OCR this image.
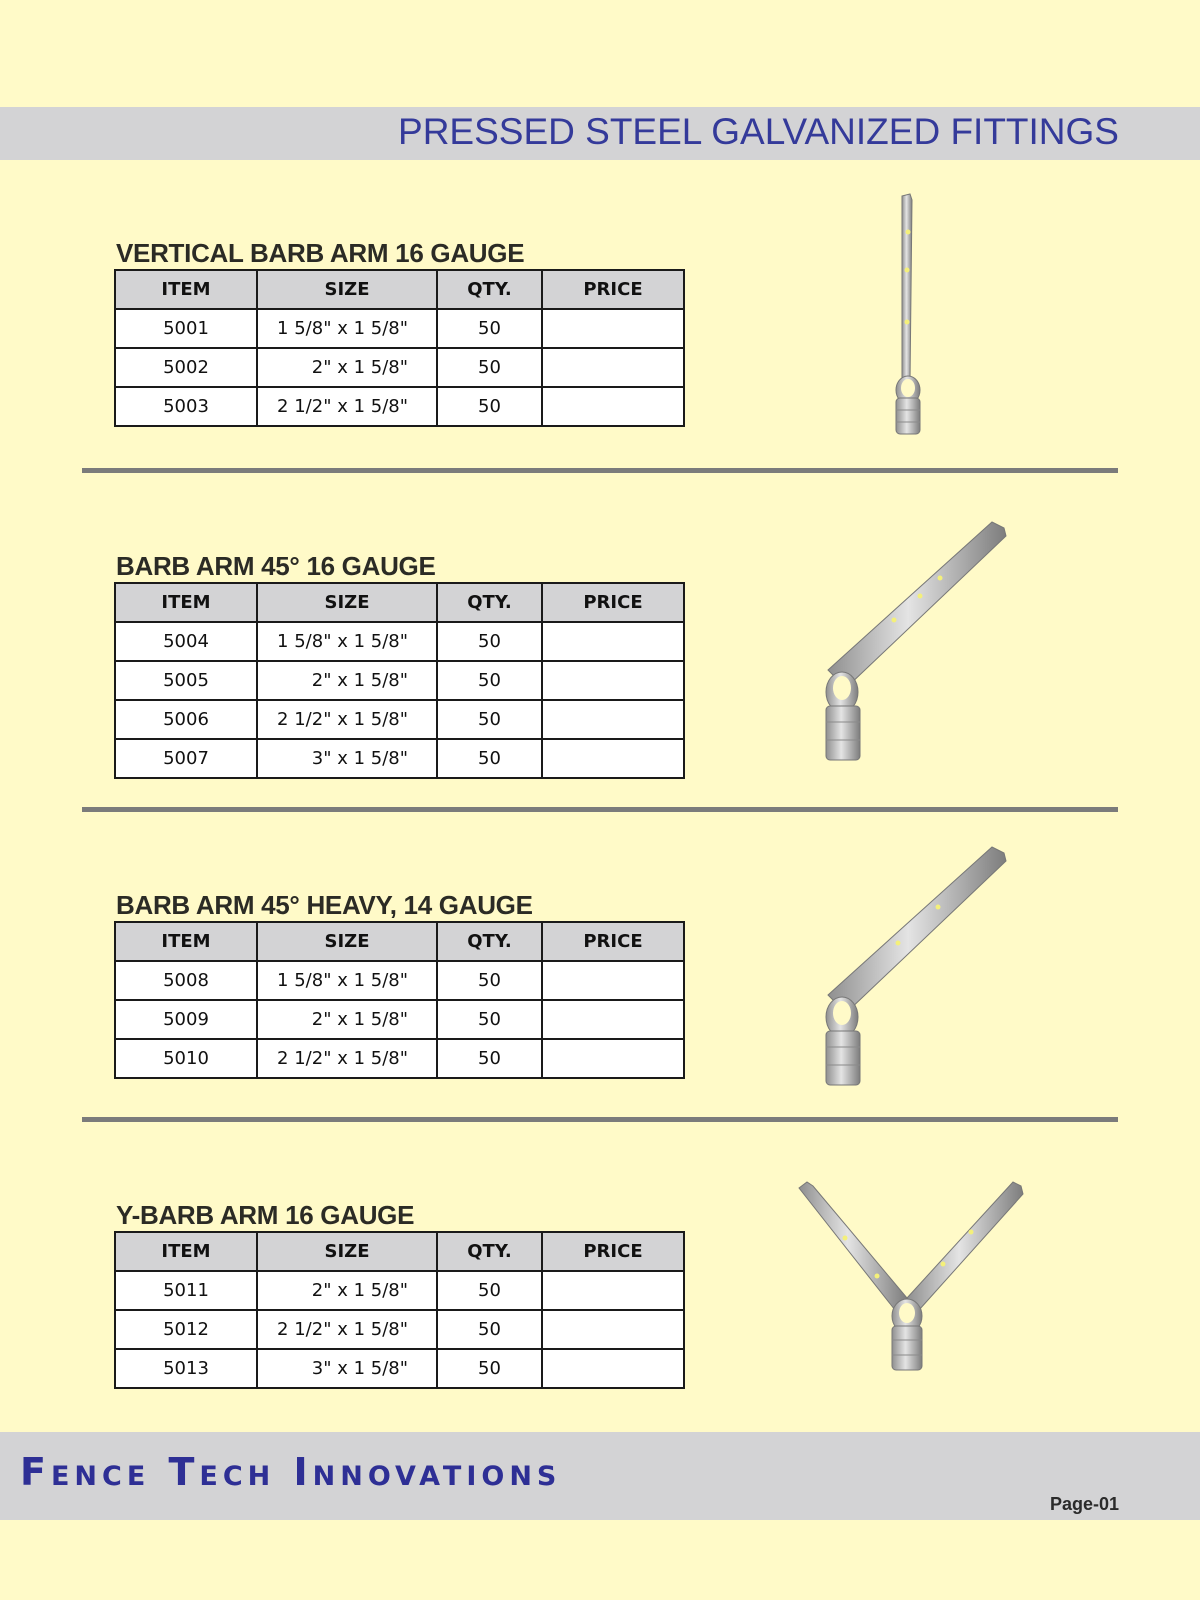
PRESSED STEEL GALVANIZED FITTINGS
VERTICAL BARB ARM 16 GAUGE
ITEM	SIZE	QTY.	PRICE
5001	1 5/8" x 1 5/8"	50	
5002	2" x 1 5/8"	50	
5003	2 1/2" x 1 5/8"	50	
BARB ARM 45° 16 GAUGE
ITEM	SIZE	QTY.	PRICE
5004	1 5/8" x 1 5/8"	50	
5005	2" x 1 5/8"	50	
5006	2 1/2" x 1 5/8"	50	
5007	3" x 1 5/8"	50	
BARB ARM 45° HEAVY, 14 GAUGE
ITEM	SIZE	QTY.	PRICE
5008	1 5/8" x 1 5/8"	50	
5009	2" x 1 5/8"	50	
5010	2 1/2" x 1 5/8"	50	
Y-BARB ARM 16 GAUGE
ITEM	SIZE	QTY.	PRICE
5011	2" x 1 5/8"	50	
5012	2 1/2" x 1 5/8"	50	
5013	3" x 1 5/8"	50	
Fence Tech Innovations
Page-01
